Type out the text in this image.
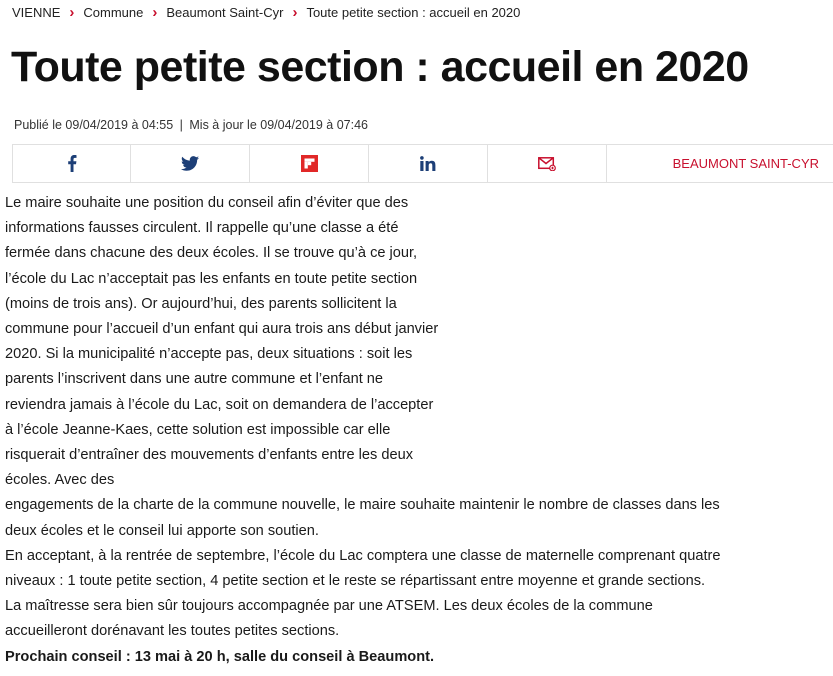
VIENNE › Commune › Beaumont Saint-Cyr › Toute petite section : accueil en 2020
Toute petite section : accueil en 2020
Publié le 09/04/2019 à 04:55 | Mis à jour le 09/04/2019 à 07:46
BEAUMONT SAINT-CYR

Le maire souhaite une position du conseil afin d’éviter que des informations fausses circulent. Il rappelle qu’une classe a été fermée dans chacune des deux écoles. Il se trouve qu’à ce jour, l’école du Lac n’acceptait pas les enfants en toute petite section (moins de trois ans). Or aujourd’hui, des parents sollicitent la commune pour l’accueil d’un enfant qui aura trois ans début janvier 2020. Si la municipalité n’accepte pas, deux situations : soit les parents l’inscrivent dans une autre commune et l’enfant ne reviendra jamais à l’école du Lac, soit on demandera de l’accepter à l’école Jeanne-Kaes, cette solution est impossible car elle risquerait d’entraîner des mouvements d’enfants entre les deux écoles. Avec des
engagements de la charte de la commune nouvelle, le maire souhaite maintenir le nombre de classes dans les deux écoles et le conseil lui apporte son soutien.

En acceptant, à la rentrée de septembre, l’école du Lac comptera une classe de maternelle comprenant quatre niveaux : 1 toute petite section, 4 petite section et le reste se répartissant entre moyenne et grande sections. La maîtresse sera bien sûr toujours accompagnée par une ATSEM. Les deux écoles de la commune accueilleront dorénavant les toutes petites sections.

Prochain conseil : 13 mai à 20 h, salle du conseil à Beaumont.
